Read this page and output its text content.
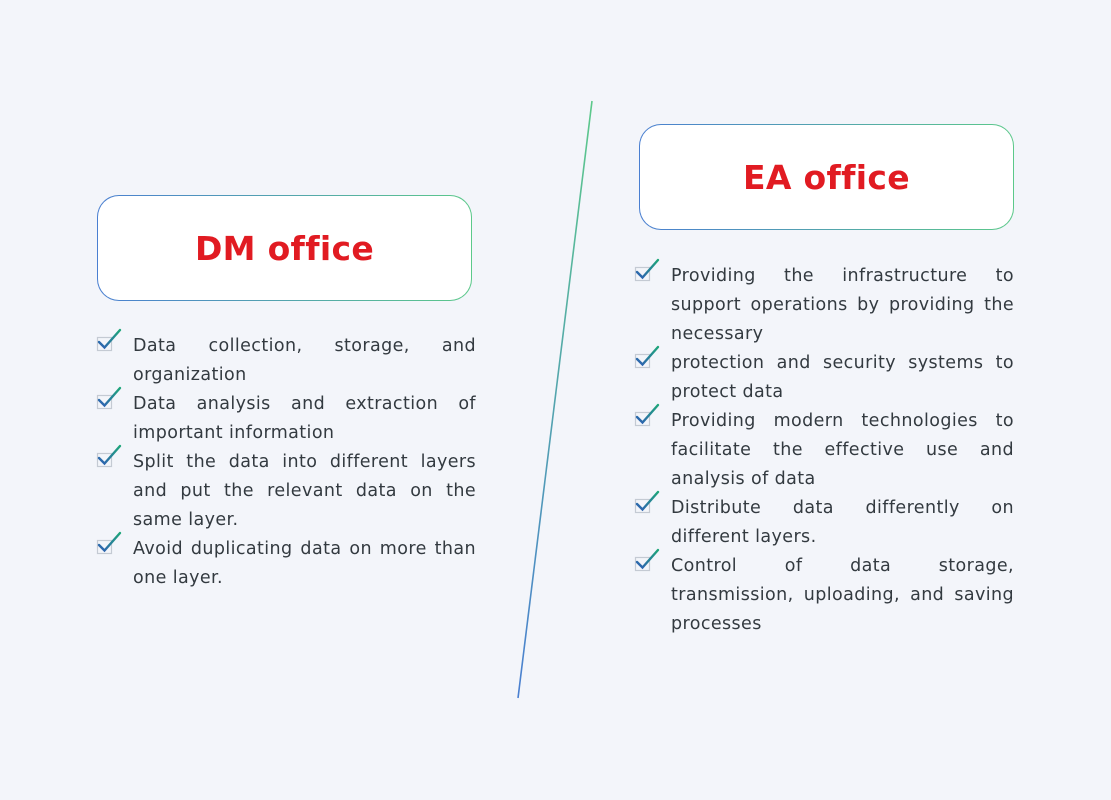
DM office
Data collection, storage, and organization
Data analysis and extraction of important information
Split the data into different layers and put the relevant data on the same layer.
Avoid duplicating data on more than one layer.
EA office
Providing the infrastructure to support operations by providing the necessary
protection and security systems to protect data
Providing modern technologies to facilitate the effective use and analysis of data
Distribute data differently on different layers.
Control of data storage, transmission, uploading, and saving processes
